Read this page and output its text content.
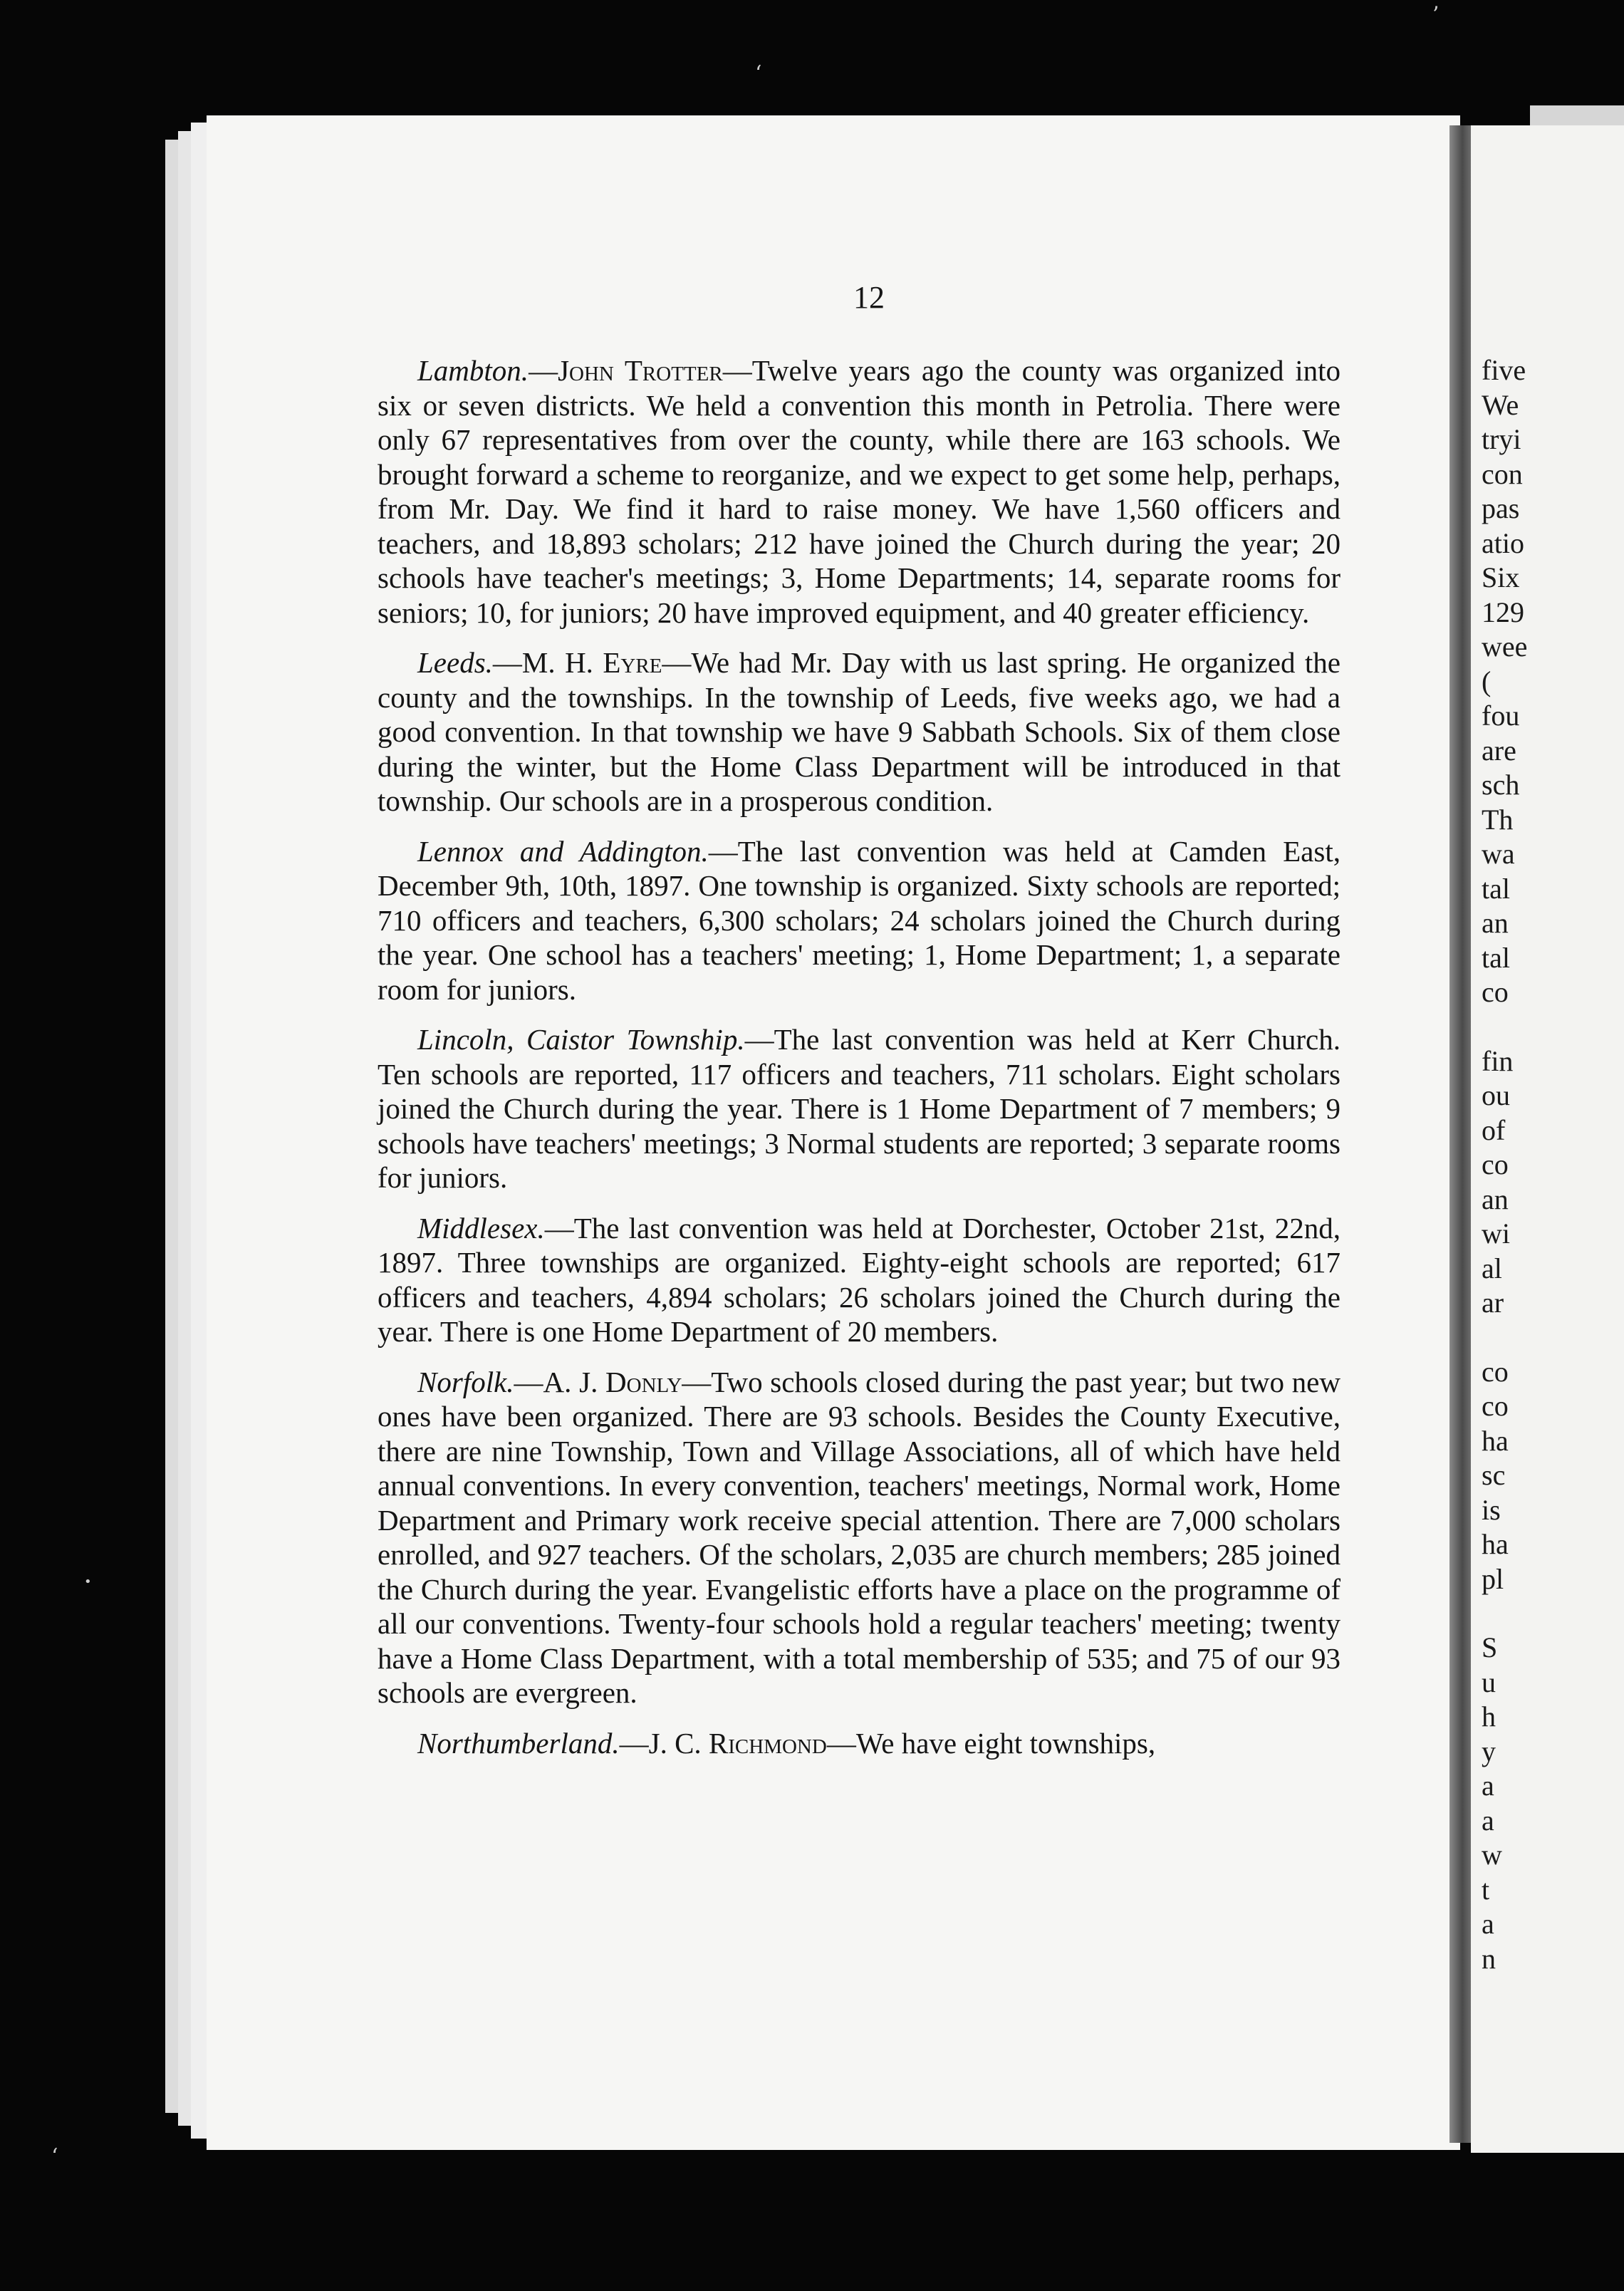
ʼ
ʻ
ʻ
•
12

Lambton.—John Trotter—Twelve years ago the county was organized into six or seven districts. We held a convention this month in Petrolia. There were only 67 representatives from over the county, while there are 163 schools. We brought forward a scheme to reorganize, and we expect to get some help, perhaps, from Mr. Day. We find it hard to raise money. We have 1,560 officers and teachers, and 18,893 scholars; 212 have joined the Church during the year; 20 schools have teacher's meetings; 3, Home Departments; 14, separate rooms for seniors; 10, for juniors; 20 have improved equipment, and 40 greater efficiency.

Leeds.—M. H. Eyre—We had Mr. Day with us last spring. He organized the county and the townships. In the township of Leeds, five weeks ago, we had a good convention. In that township we have 9 Sabbath Schools. Six of them close during the winter, but the Home Class Department will be introduced in that township. Our schools are in a prosperous condition.

Lennox and Addington.—The last convention was held at Camden East, December 9th, 10th, 1897. One township is organized. Sixty schools are reported; 710 officers and teachers, 6,300 scholars; 24 scholars joined the Church during the year. One school has a teachers' meeting; 1, Home Department; 1, a separate room for juniors.

Lincoln, Caistor Township.—The last convention was held at Kerr Church. Ten schools are reported, 117 officers and teachers, 711 scholars. Eight scholars joined the Church during the year. There is 1 Home Department of 7 members; 9 schools have teachers' meetings; 3 Normal students are reported; 3 separate rooms for juniors.

Middlesex.—The last convention was held at Dorchester, October 21st, 22nd, 1897. Three townships are organized. Eighty-eight schools are reported; 617 officers and teachers, 4,894 scholars; 26 scholars joined the Church during the year. There is one Home Department of 20 members.

Norfolk.—A. J. Donly—Two schools closed during the past year; but two new ones have been organized. There are 93 schools. Besides the County Executive, there are nine Township, Town and Village Associations, all of which have held annual conventions. In every convention, teachers' meetings, Normal work, Home Department and Primary work receive special attention. There are 7,000 scholars enrolled, and 927 teachers. Of the scholars, 2,035 are church members; 285 joined the Church during the year. Evangelistic efforts have a place on the programme of all our conventions. Twenty-four schools hold a regular teachers' meeting; twenty have a Home Class Department, with a total membership of 535; and 75 of our 93 schools are evergreen.

Northumberland.—J. C. Richmond—We have eight townships,

five
We
tryi
con
pas
atio
Six
129
wee
(
fou
are
sch
Th
wa
tal
an
tal
co
fin
ou
of
co
an
wi
al
ar
co
co
ha
sc
is
ha
pl
S
u
h
y
a
a
w
t
a
n
